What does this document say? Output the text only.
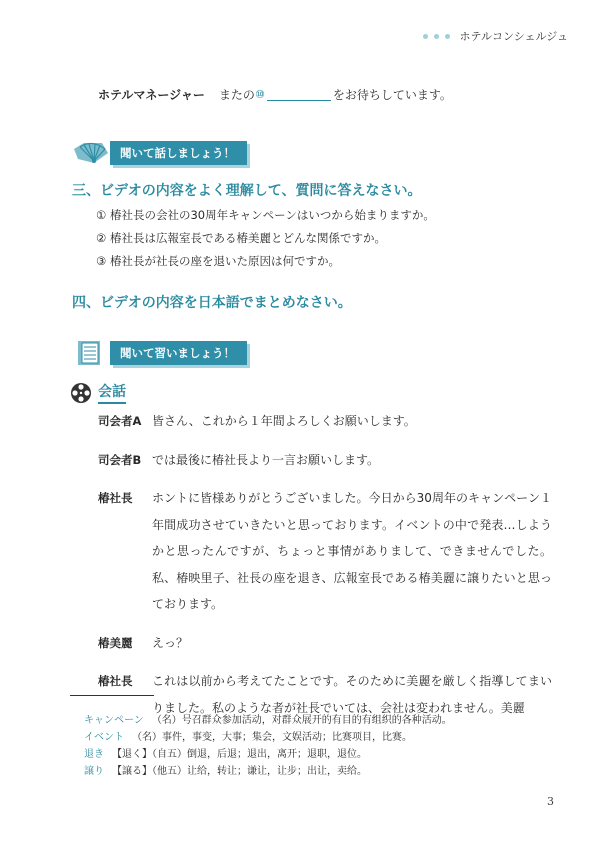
ホテルコンシェルジュ
ホテルマネージャー またの ⑩	をお待ちしています。
聞いて話しましょう！
三、ビデオの内容をよく理解して、質問に答えなさい。
① 椿社長の会社の30周年キャンペーンはいつから始まりますか。
② 椿社長は広報室長である椿美麗とどんな関係ですか。
③ 椿社長が社長の座を退いた原因は何ですか。
四、ビデオの内容を日本語でまとめなさい。
聞いて習いましょう！
会話
司会者A 皆さん、これから１年間よろしくお願いします。
司会者B では最後に椿社長より一言お願いします。
椿社長	ホントに皆様ありがとうございました。今日から30周年のキャンペーン１年間成功させていきたいと思っております。イベントの中で発表…しようかと思ったんですが、ちょっと事情がありまして、できませんでした。私、椿映里子、社長の座を退き、広報室長である椿美麗に譲りたいと思っております。
椿美麗	えっ？
椿社長	これは以前から考えてたことです。そのために美麗を厳しく指導してまいりました。私のような者が社長でいては、会社は変われません。美麗
キャンペーン （名）号召群众参加活动，对群众展开的有目的有组织的各种活动。
イベント （名）事件，事变，大事；集会，文娱活动；比赛项目，比赛。
退き 【退く】（自五）倒退，后退；退出，离开；退职，退位。
譲り 【譲る】（他五）让给，转让；谦让，让步；出让，卖给。
3
